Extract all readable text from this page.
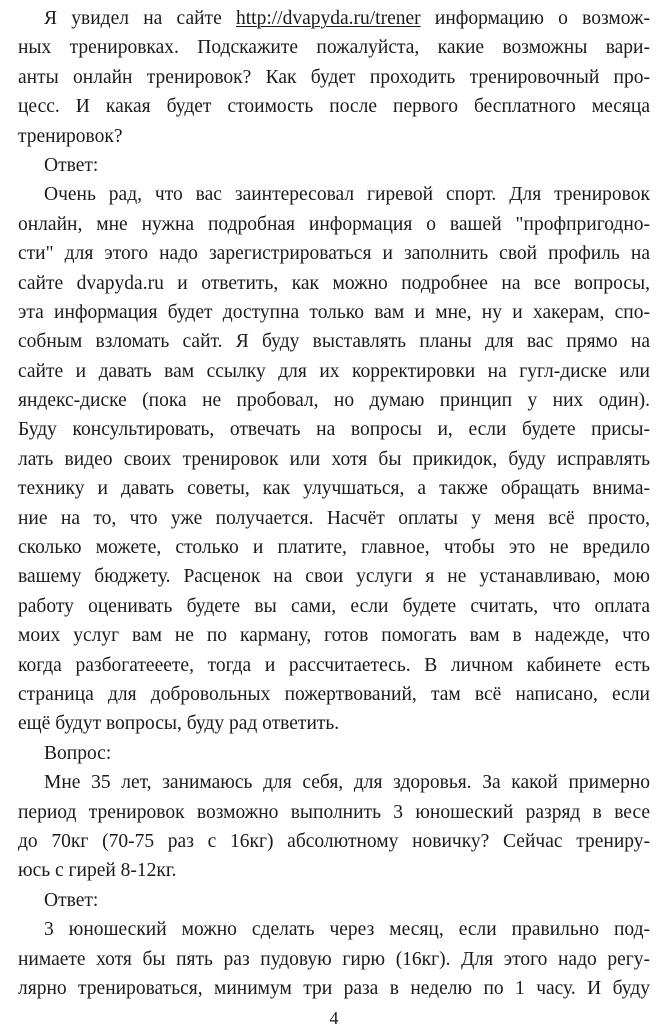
Я увидел на сайте http://dvapyda.ru/trener информацию о возмож-
ных тренировках. Подскажите пожалуйста, какие возможны вари-
анты онлайн тренировок? Как будет проходить тренировочный про-
цесс. И какая будет стоимость после первого бесплатного месяца
тренировок?
Ответ:
Очень рад, что вас заинтересовал гиревой спорт. Для тренировок
онлайн, мне нужна подробная информация о вашей "профпригодно-
сти" для этого надо зарегистрироваться и заполнить свой профиль на
сайте dvapyda.ru и ответить, как можно подробнее на все вопросы,
эта информация будет доступна только вам и мне, ну и хакерам, спо-
собным взломать сайт. Я буду выставлять планы для вас прямо на
сайте и давать вам ссылку для их корректировки на гугл-диске или
яндекс-диске (пока не пробовал, но думаю принцип у них один).
Буду консультировать, отвечать на вопросы и, если будете присы-
лать видео своих тренировок или хотя бы прикидок, буду исправлять
технику и давать советы, как улучшаться, а также обращать внима-
ние на то, что уже получается. Насчёт оплаты у меня всё просто,
сколько можете, столько и платите, главное, чтобы это не вредило
вашему бюджету. Расценок на свои услуги я не устанавливаю, мою
работу оценивать будете вы сами, если будете считать, что оплата
моих услуг вам не по карману, готов помогать вам в надежде, что
когда разбогатееете, тогда и рассчитаетесь. В личном кабинете есть
страница для добровольных пожертвований, там всё написано, если
ещё будут вопросы, буду рад ответить.
Вопрос:
Мне 35 лет, занимаюсь для себя, для здоровья. За какой примерно
период тренировок возможно выполнить 3 юношеский разряд в весе
до 70кг (70-75 раз с 16кг) абсолютному новичку? Сейчас трениру-
юсь с гирей 8-12кг.
Ответ:
3 юношеский можно сделать через месяц, если правильно под-
нимаете хотя бы пять раз пудовую гирю (16кг). Для этого надо регу-
лярно тренироваться, минимум три раза в неделю по 1 часу. И буду
4
